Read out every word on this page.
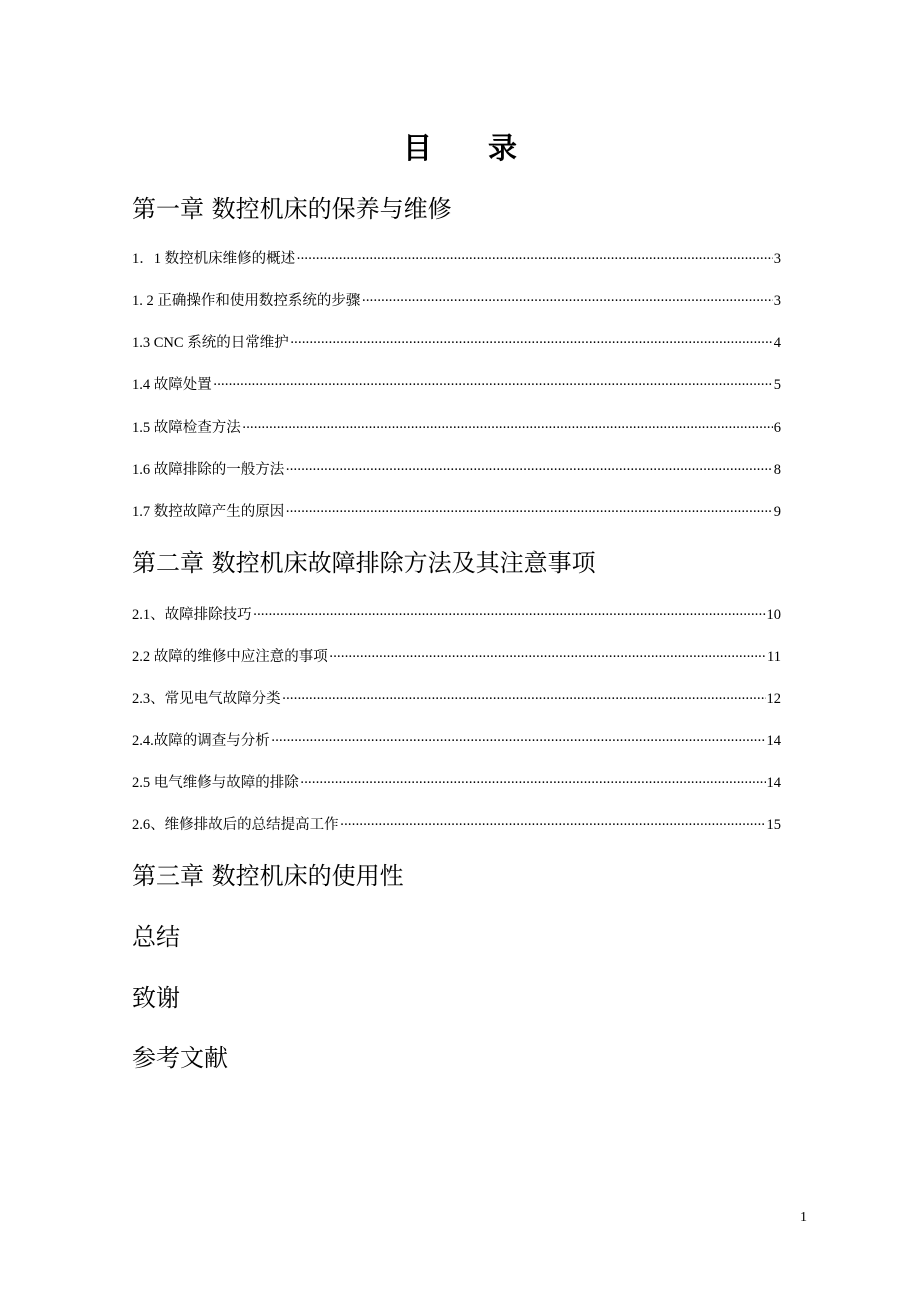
目录
第一章 数控机床的保养与维修
1．1 数控机床维修的概述 ·····	3
1. 2 正确操作和使用数控系统的步骤 ·····	3
1.3 CNC 系统的日常维护 ·····	4
1.4 故障处置 ·····	5
1.5 故障检查方法 ·····	6
1.6 故障排除的一般方法 ·····	8
1.7 数控故障产生的原因 ·····	9
第二章 数控机床故障排除方法及其注意事项
2.1、故障排除技巧 ·····	10
2.2 故障的维修中应注意的事项 ·····	11
2.3、常见电气故障分类 ·····	12
2.4.故障的调查与分析 ·····	14
2.5 电气维修与故障的排除 ·····	14
2.6、维修排故后的总结提高工作 ·····	15
第三章 数控机床的使用性
总结
致谢
参考文献
1
